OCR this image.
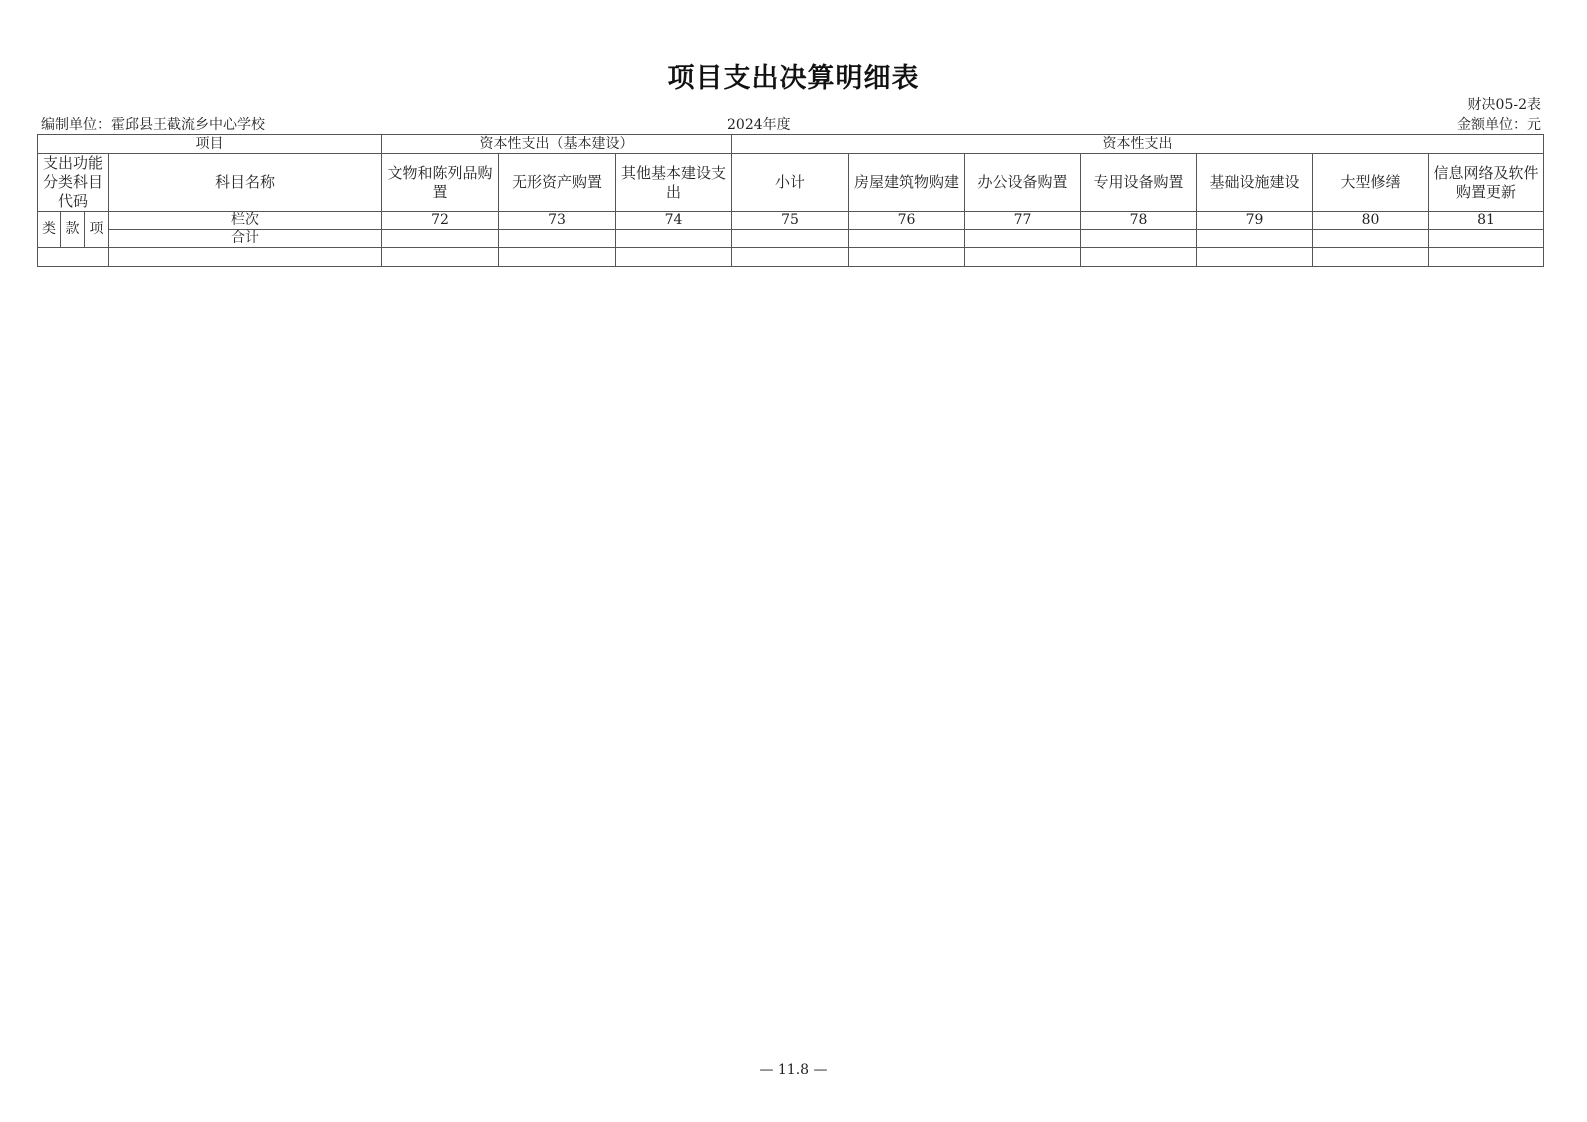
项目支出决算明细表
财决05-2表
编制单位：霍邱县王截流乡中心学校	2024年度	金额单位：元
项目				资本性支出（基本建设）			资本性支出						
支出功能分类科目代码			科目名称	文物和陈列品购置	无形资产购置	其他基本建设支出	小计	房屋建筑物购建	办公设备购置	专用设备购置	基础设施建设	大型修缮	信息网络及软件购置更新
类	款	项	栏次	72	73	74	75	76	77	78	79	80	81
			合计										

— 11.8 —
